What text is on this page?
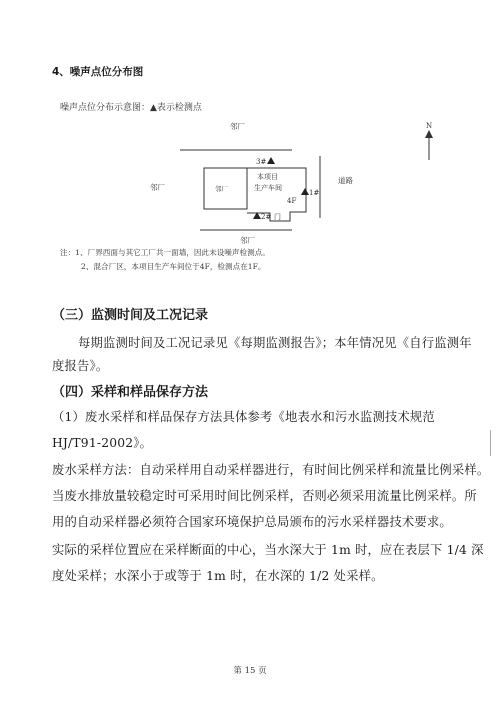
4、噪声点位分布图
噪声点位分布示意图：▲表示检测点
N
邻厂
邻厂
本项目
生产车间
4F
门
邻厂
道路
邻厂
3#
1#
2#
注：1、厂界西面与其它工厂共一面墙，因此未设噪声检测点。
2、混合厂区，本项目生产车间位于4F，检测点在1F。
（三）监测时间及工况记录
每期监测时间及工况记录见《每期监测报告》；本年情况见《自行监测年
度报告》。
（四）采样和样品保存方法
（1）废水采样和样品保存方法具体参考《地表水和污水监测技术规范
HJ/T91-2002》。
废水采样方法：自动采样用自动采样器进行，有时间比例采样和流量比例采样。
当废水排放量较稳定时可采用时间比例采样，否则必须采用流量比例采样。所
用的自动采样器必须符合国家环境保护总局颁布的污水采样器技术要求。
实际的采样位置应在采样断面的中心，当水深大于 1m 时，应在表层下 1/4 深
度处采样；水深小于或等于 1m 时，在水深的 1/2 处采样。
第 15 页
